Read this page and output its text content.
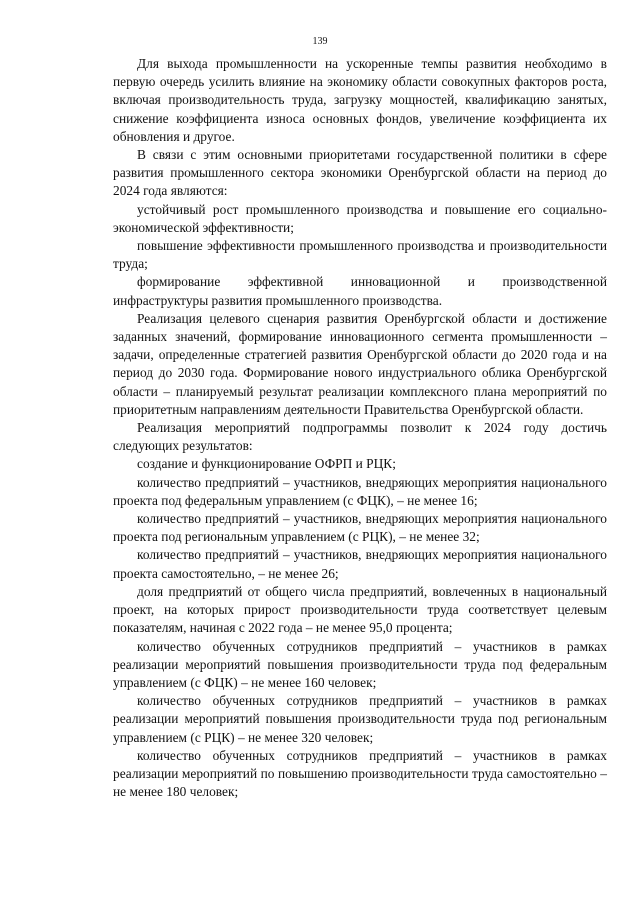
139

Для выхода промышленности на ускоренные темпы развития необходимо в первую очередь усилить влияние на экономику области совокупных факторов роста, включая производительность труда, загрузку мощностей, квалификацию занятых, снижение коэффициента износа основных фондов, увеличение коэффициента их обновления и другое.

В связи с этим основными приоритетами государственной политики в сфере развития промышленного сектора экономики Оренбургской области на период до 2024 года являются:

устойчивый рост промышленного производства и повышение его социально-экономической эффективности;

повышение эффективности промышленного производства и производительности труда;

формирование эффективной инновационной и производственной инфраструктуры развития промышленного производства.

Реализация целевого сценария развития Оренбургской области и достижение заданных значений, формирование инновационного сегмента промышленности – задачи, определенные стратегией развития Оренбургской области до 2020 года и на период до 2030 года. Формирование нового индустриального облика Оренбургской области – планируемый результат реализации комплексного плана мероприятий по приоритетным направлениям деятельности Правительства Оренбургской области.

Реализация мероприятий подпрограммы позволит к 2024 году достичь следующих результатов:

создание и функционирование ОФРП и РЦК;

количество предприятий – участников, внедряющих мероприятия национального проекта под федеральным управлением (с ФЦК), – не менее 16;

количество предприятий – участников, внедряющих мероприятия национального проекта под региональным управлением (с РЦК), – не менее 32;

количество предприятий – участников, внедряющих мероприятия национального проекта самостоятельно, – не менее 26;

доля предприятий от общего числа предприятий, вовлеченных в национальный проект, на которых прирост производительности труда соответствует целевым показателям, начиная с 2022 года – не менее 95,0 процента;

количество обученных сотрудников предприятий – участников в рамках реализации мероприятий повышения производительности труда под федеральным управлением (с ФЦК) – не менее 160 человек;

количество обученных сотрудников предприятий – участников в рамках реализации мероприятий повышения производительности труда под региональным управлением (с РЦК) – не менее 320 человек;

количество обученных сотрудников предприятий – участников в рамках реализации мероприятий по повышению производительности труда самостоятельно – не менее 180 человек;
